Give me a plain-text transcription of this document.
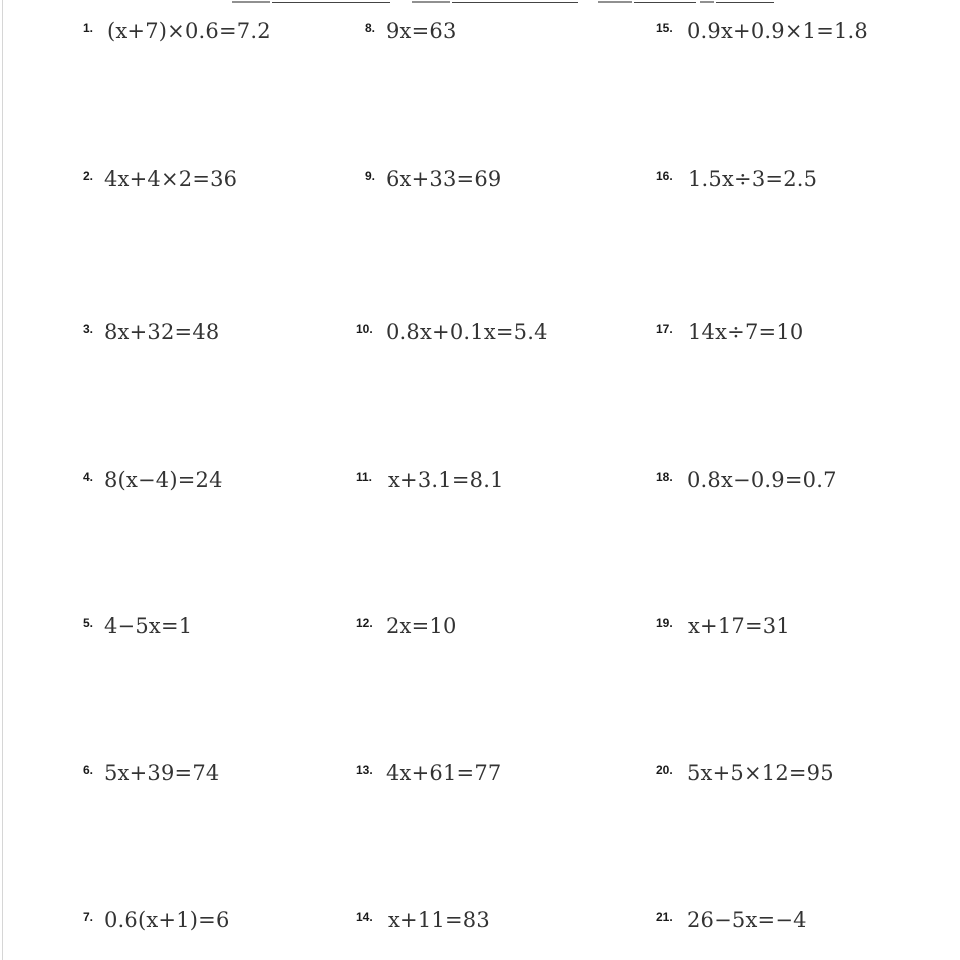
1. (x+7)×0.6=7.2
2. 4x+4×2=36
3. 8x+32=48
4. 8(x−4)=24
5. 4−5x=1
6. 5x+39=74
7. 0.6(x+1)=6
8. 9x=63
9. 6x+33=69
10. 0.8x+0.1x=5.4
11. x+3.1=8.1
12. 2x=10
13. 4x+61=77
14. x+11=83
15. 0.9x+0.9×1=1.8
16. 1.5x÷3=2.5
17. 14x÷7=10
18. 0.8x−0.9=0.7
19. x+17=31
20. 5x+5×12=95
21. 26−5x=−4
